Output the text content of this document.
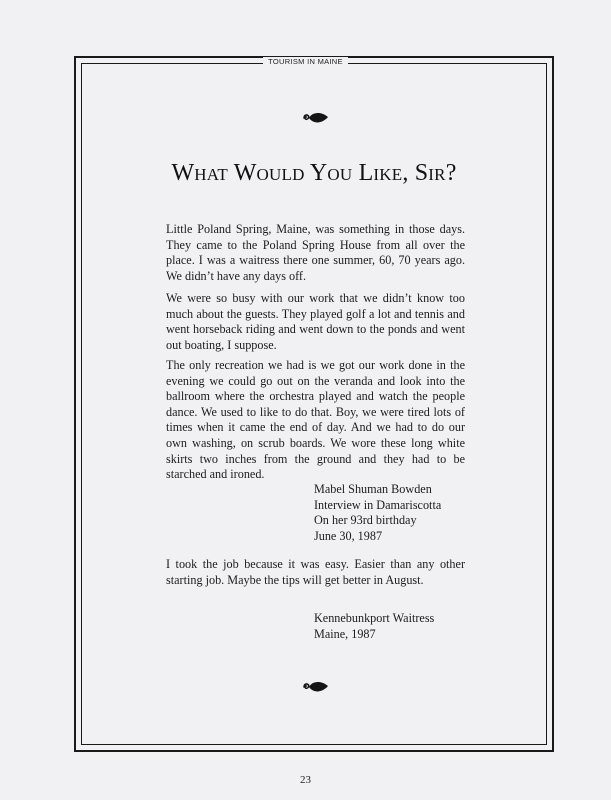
TOURISM IN MAINE
What Would You Like, Sir?

Little Poland Spring, Maine, was something in those days. They came to the Poland Spring House from all over the place. I was a waitress there one summer, 60, 70 years ago. We didn’t have any days off.

We were so busy with our work that we didn’t know too much about the guests. They played golf a lot and tennis and went horseback riding and went down to the ponds and went out boating, I suppose.

The only recreation we had is we got our work done in the evening we could go out on the veranda and look into the ballroom where the orchestra played and watch the people dance. We used to like to do that. Boy, we were tired lots of times when it came the end of day. And we had to do our own washing, on scrub boards. We wore these long white skirts two inches from the ground and they had to be starched and ironed.

Mabel Shuman Bowden
Interview in Damariscotta
On her 93rd birthday
June 30, 1987

I took the job because it was easy. Easier than any other starting job. Maybe the tips will get better in August.

Kennebunkport Waitress
Maine, 1987
23
